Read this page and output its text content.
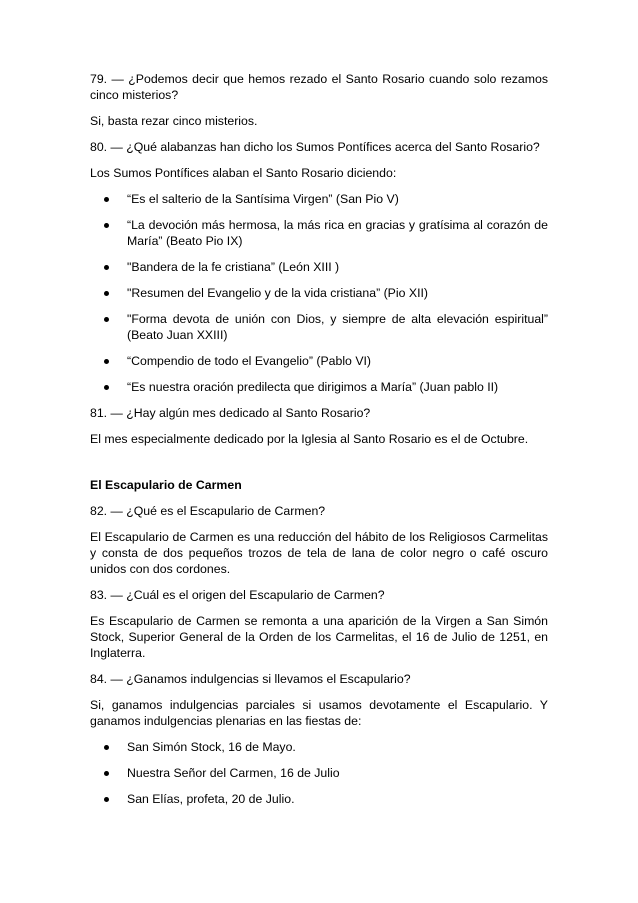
79. — ¿Podemos decir que hemos rezado el Santo Rosario cuando solo rezamos cinco misterios?

Si, basta rezar cinco misterios.

80. — ¿Qué alabanzas han dicho los Sumos Pontífices acerca del Santo Rosario?

Los Sumos Pontífices alaban el Santo Rosario diciendo:

“Es el salterio de la Santísima Virgen” (San Pio V)
“La devoción más hermosa, la más rica en gracias y gratísima al corazón de María” (Beato Pio IX)
"Bandera de la fe cristiana” (León XIII )
"Resumen del Evangelio y de la vida cristiana” (Pio XII)
"Forma devota de unión con Dios, y siempre de alta elevación espiritual” (Beato Juan XXIII)
“Compendio de todo el Evangelio” (Pablo VI)
“Es nuestra oración predilecta que dirigimos a María” (Juan pablo II)

81. — ¿Hay algún mes dedicado al Santo Rosario?

El mes especialmente dedicado por la Iglesia al Santo Rosario es el de Octubre.

El Escapulario de Carmen

82. — ¿Qué es el Escapulario de Carmen?

El Escapulario de Carmen es una reducción del hábito de los Religiosos Carmelitas y consta de dos pequeños trozos de tela de lana de color negro o café oscuro unidos con dos cordones.

83. — ¿Cuál es el origen del Escapulario de Carmen?

Es Escapulario de Carmen se remonta a una aparición de la Virgen a San Simón Stock, Superior General de la Orden de los Carmelitas, el 16 de Julio de 1251, en Inglaterra.

84. — ¿Ganamos indulgencias si llevamos el Escapulario?

Si, ganamos indulgencias parciales si usamos devotamente el Escapulario. Y ganamos indulgencias plenarias en las fiestas de:

San Simón Stock, 16 de Mayo.
Nuestra Señor del Carmen, 16 de Julio
San Elías, profeta, 20 de Julio.
